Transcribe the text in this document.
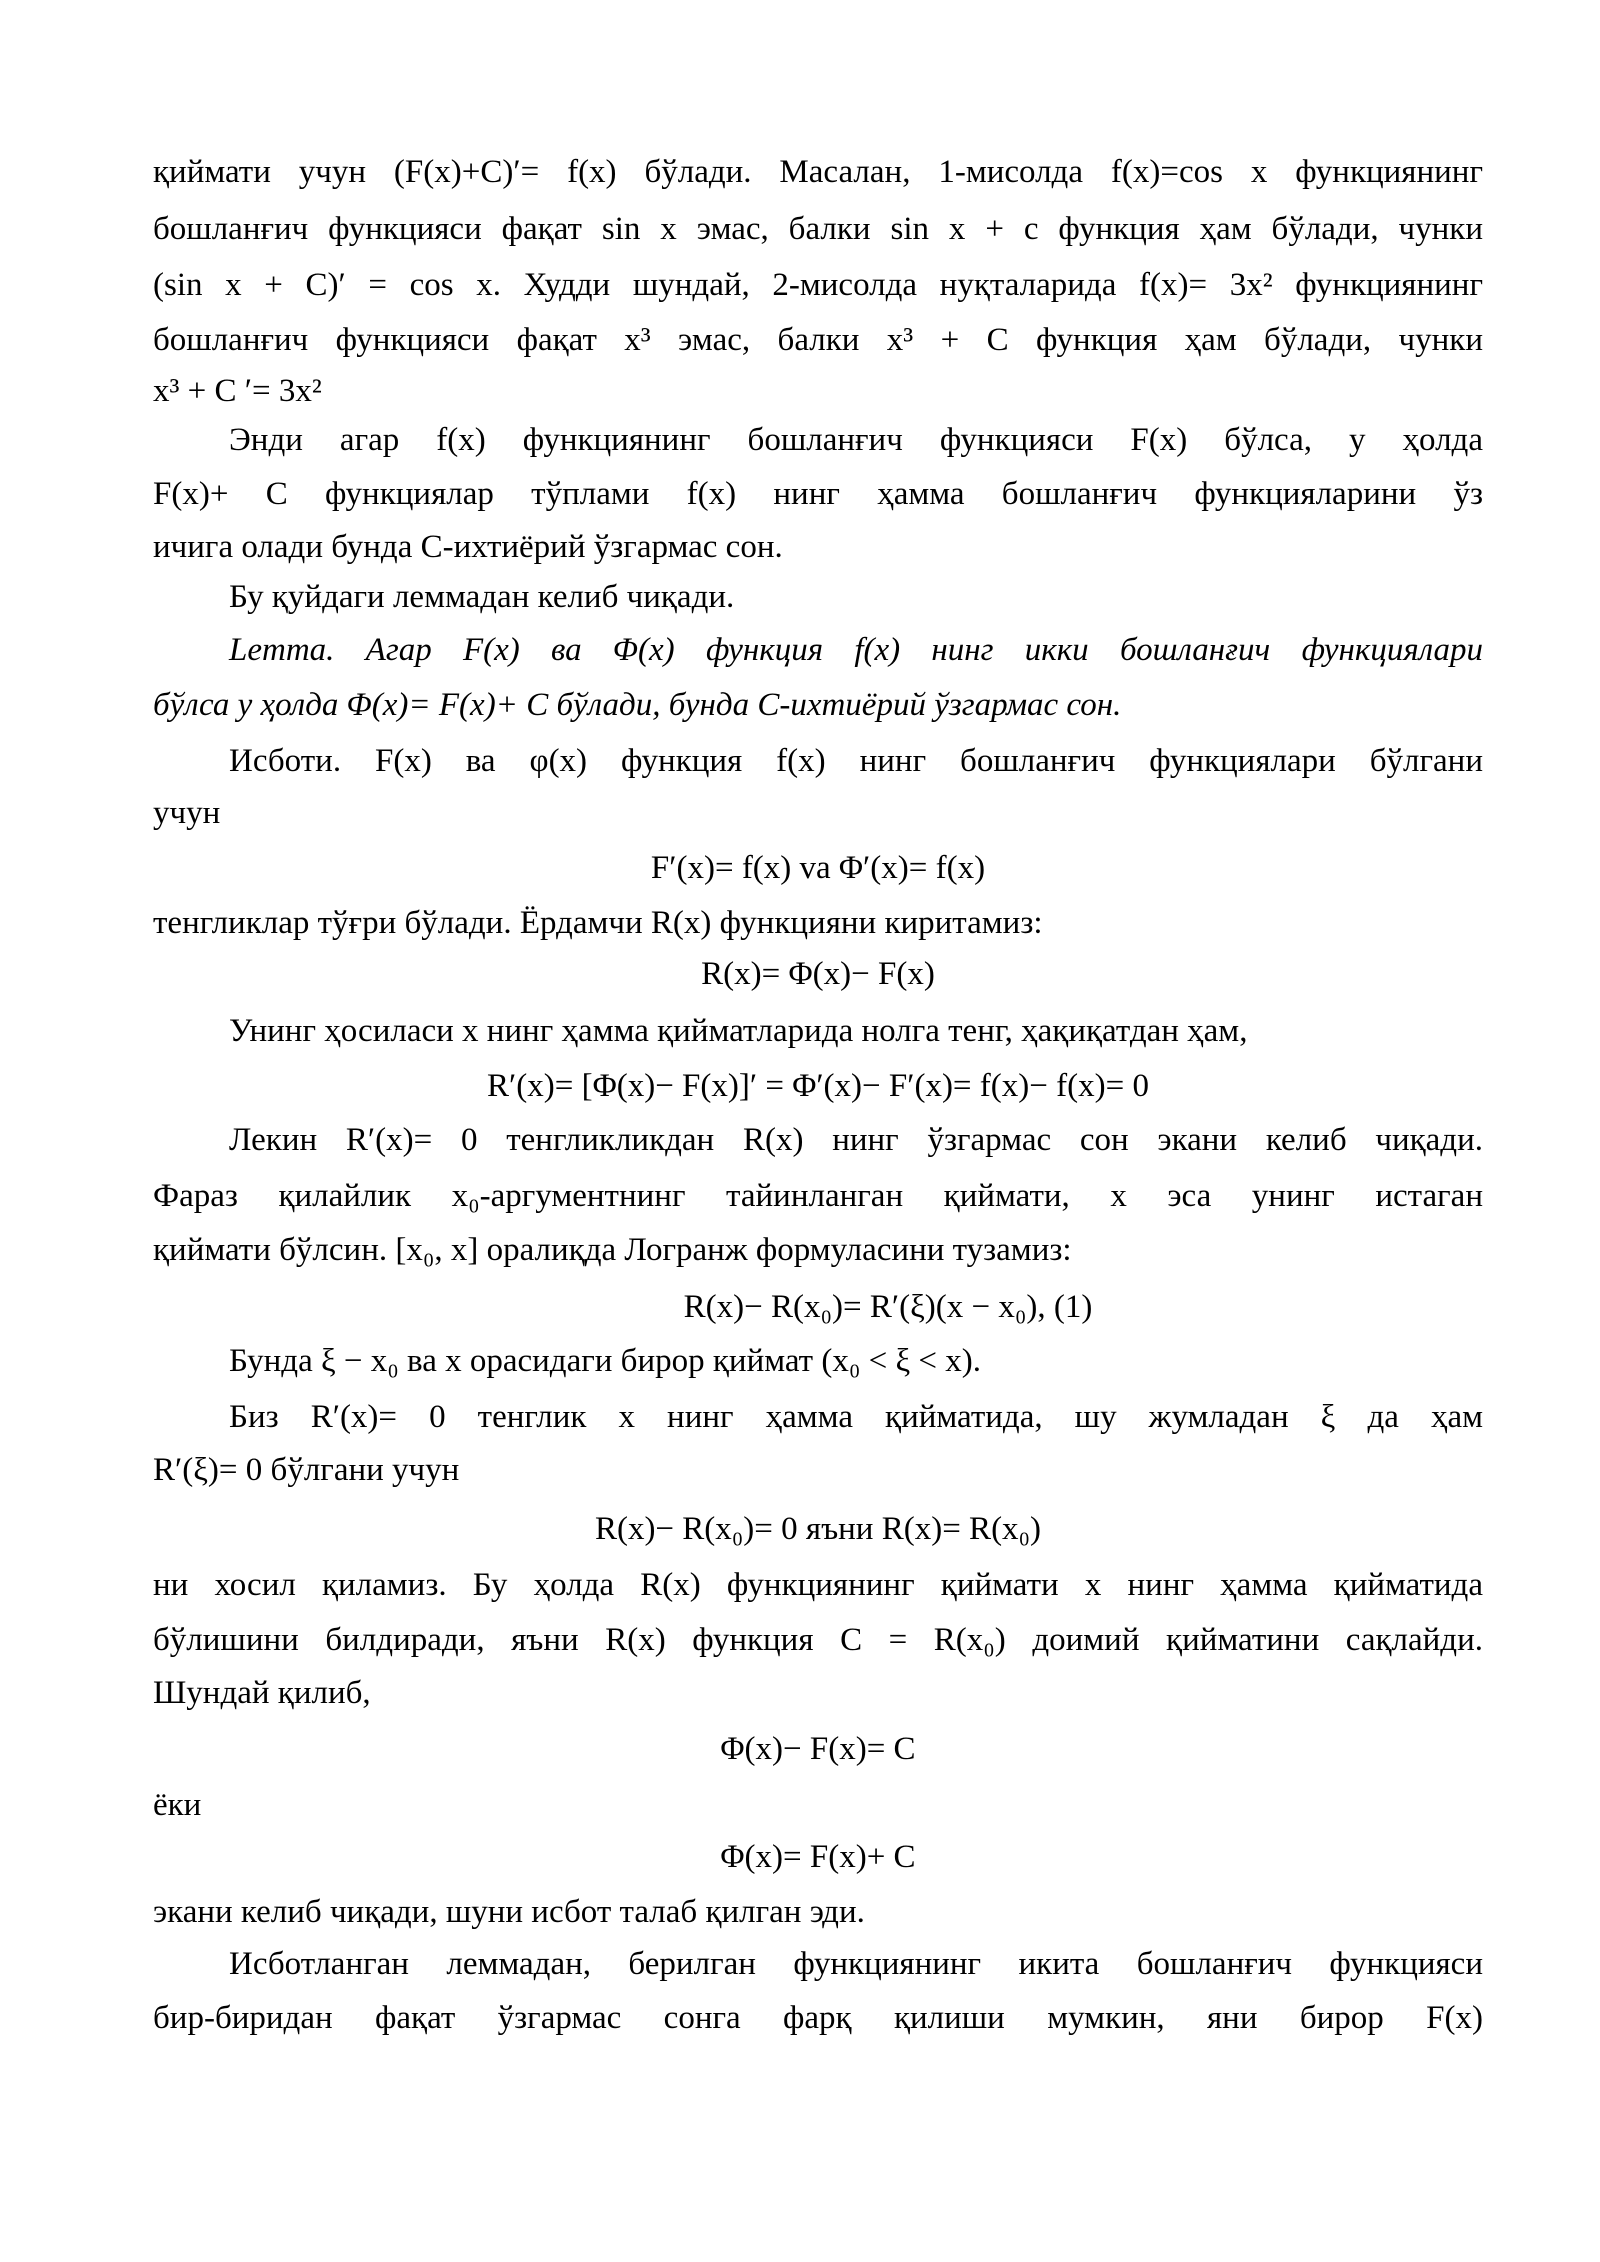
қиймати учун (F(x)+C)′= f(x) бўлади. Масалан, 1-мисолда f(x)=cos x функциянинг
бошланғич функцияси фақат sin x эмас, балки sin x + c функция ҳам бўлади, чунки
(sin x + C)′ = cos x. Худди шундай, 2-мисолда нуқталарида f(x)= 3x² функциянинг
бошланғич функцияси фақат x³ эмас, балки x³ + C функция ҳам бўлади, чунки
x³ + C ′= 3x²
Энди агар f(x) функциянинг бошланғич функцияси F(x) бўлса, у ҳолда
F(x)+ C функциялар тўплами f(x) нинг ҳамма бошланғич функцияларини ўз
ичига олади бунда C-ихтиёрий ўзгармас сон.
Бу қуйдаги леммадан келиб чиқади.
Lemma. Агар F(x) ва Φ(x) функция f(x) нинг икки бошланғич функциялари
бўлса у ҳолда Φ(x)= F(x)+ C бўлади, бунда C-ихтиёрий ўзгармас сон.
Исботи. F(x) ва φ(x) функция f(x) нинг бошланғич функциялари бўлгани
учун
F′(x)= f(x) va Φ′(x)= f(x)
тенгликлар тўғри бўлади. Ёрдамчи R(x) функцияни киритамиз:
R(x)= Φ(x)− F(x)
Унинг ҳосиласи x нинг ҳамма қийматларида нолга тенг, ҳақиқатдан ҳам,
R′(x)= [Φ(x)− F(x)]′ = Φ′(x)− F′(x)= f(x)− f(x)= 0
Лекин R′(x)= 0 тенгликликдан R(x) нинг ўзгармас сон экани келиб чиқади.
Фараз қилайлик x₀-аргументнинг тайинланган қиймати, x эса унинг истаган
қиймати бўлсин. [x₀, x] оралиқда Логранж формуласини тузамиз:
R(x)− R(x₀)= R′(ξ)(x − x₀), (1)
Бунда ξ − x₀ ва x орасидаги бирор қиймат (x₀ < ξ < x).
Биз R′(x)= 0 тенглик x нинг ҳамма қийматида, шу жумладан ξ да ҳам
R′(ξ)= 0 бўлгани учун
R(x)− R(x₀)= 0 яъни R(x)= R(x₀)
ни хосил қиламиз. Бу ҳолда R(x) функциянинг қиймати x нинг ҳамма қийматида
бўлишини билдиради, яъни R(x) функция C = R(x₀) доимий қийматини сақлайди.
Шундай қилиб,
Φ(x)− F(x)= C
ёки
Φ(x)= F(x)+ C
экани келиб чиқади, шуни исбот талаб қилган эди.
Исботланган леммадан, берилган функциянинг икита бошланғич функцияси
бир-биридан фақат ўзгармас сонга фарқ қилиши мумкин, яни бирор F(x)
